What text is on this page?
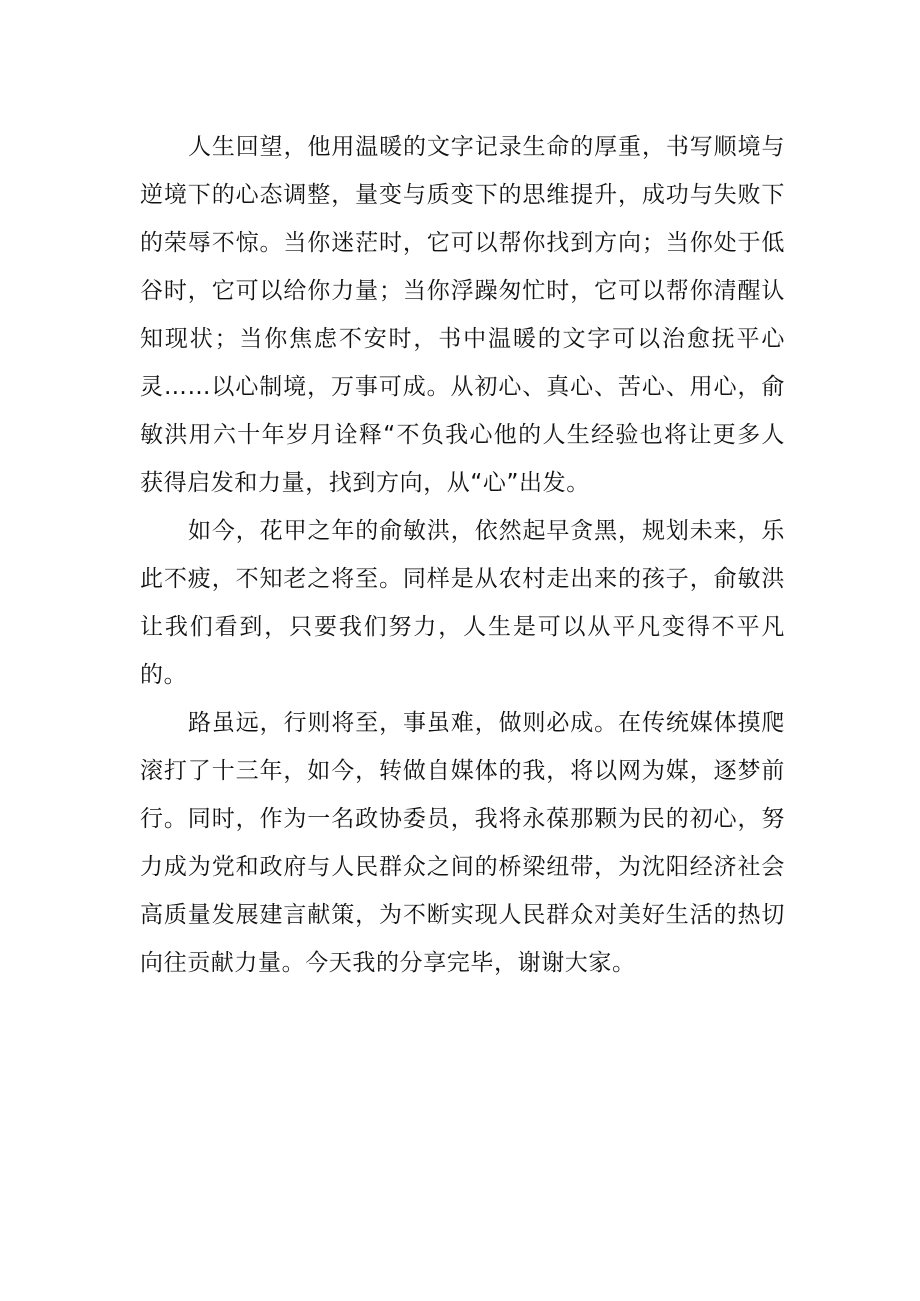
人生回望，他用温暖的文字记录生命的厚重，书写顺境与逆境下的心态调整，量变与质变下的思维提升，成功与失败下的荣辱不惊。当你迷茫时，它可以帮你找到方向；当你处于低谷时，它可以给你力量；当你浮躁匆忙时，它可以帮你清醒认知现状；当你焦虑不安时，书中温暖的文字可以治愈抚平心灵……以心制境，万事可成。从初心、真心、苦心、用心，俞敏洪用六十年岁月诠释“不负我心他的人生经验也将让更多人获得启发和力量，找到方向，从“心”出发。

如今，花甲之年的俞敏洪，依然起早贪黑，规划未来，乐此不疲，不知老之将至。同样是从农村走出来的孩子，俞敏洪让我们看到，只要我们努力，人生是可以从平凡变得不平凡的。

路虽远，行则将至，事虽难，做则必成。在传统媒体摸爬滚打了十三年，如今，转做自媒体的我，将以网为媒，逐梦前行。同时，作为一名政协委员，我将永葆那颗为民的初心，努力成为党和政府与人民群众之间的桥梁纽带，为沈阳经济社会高质量发展建言献策，为不断实现人民群众对美好生活的热切向往贡献力量。今天我的分享完毕，谢谢大家。
